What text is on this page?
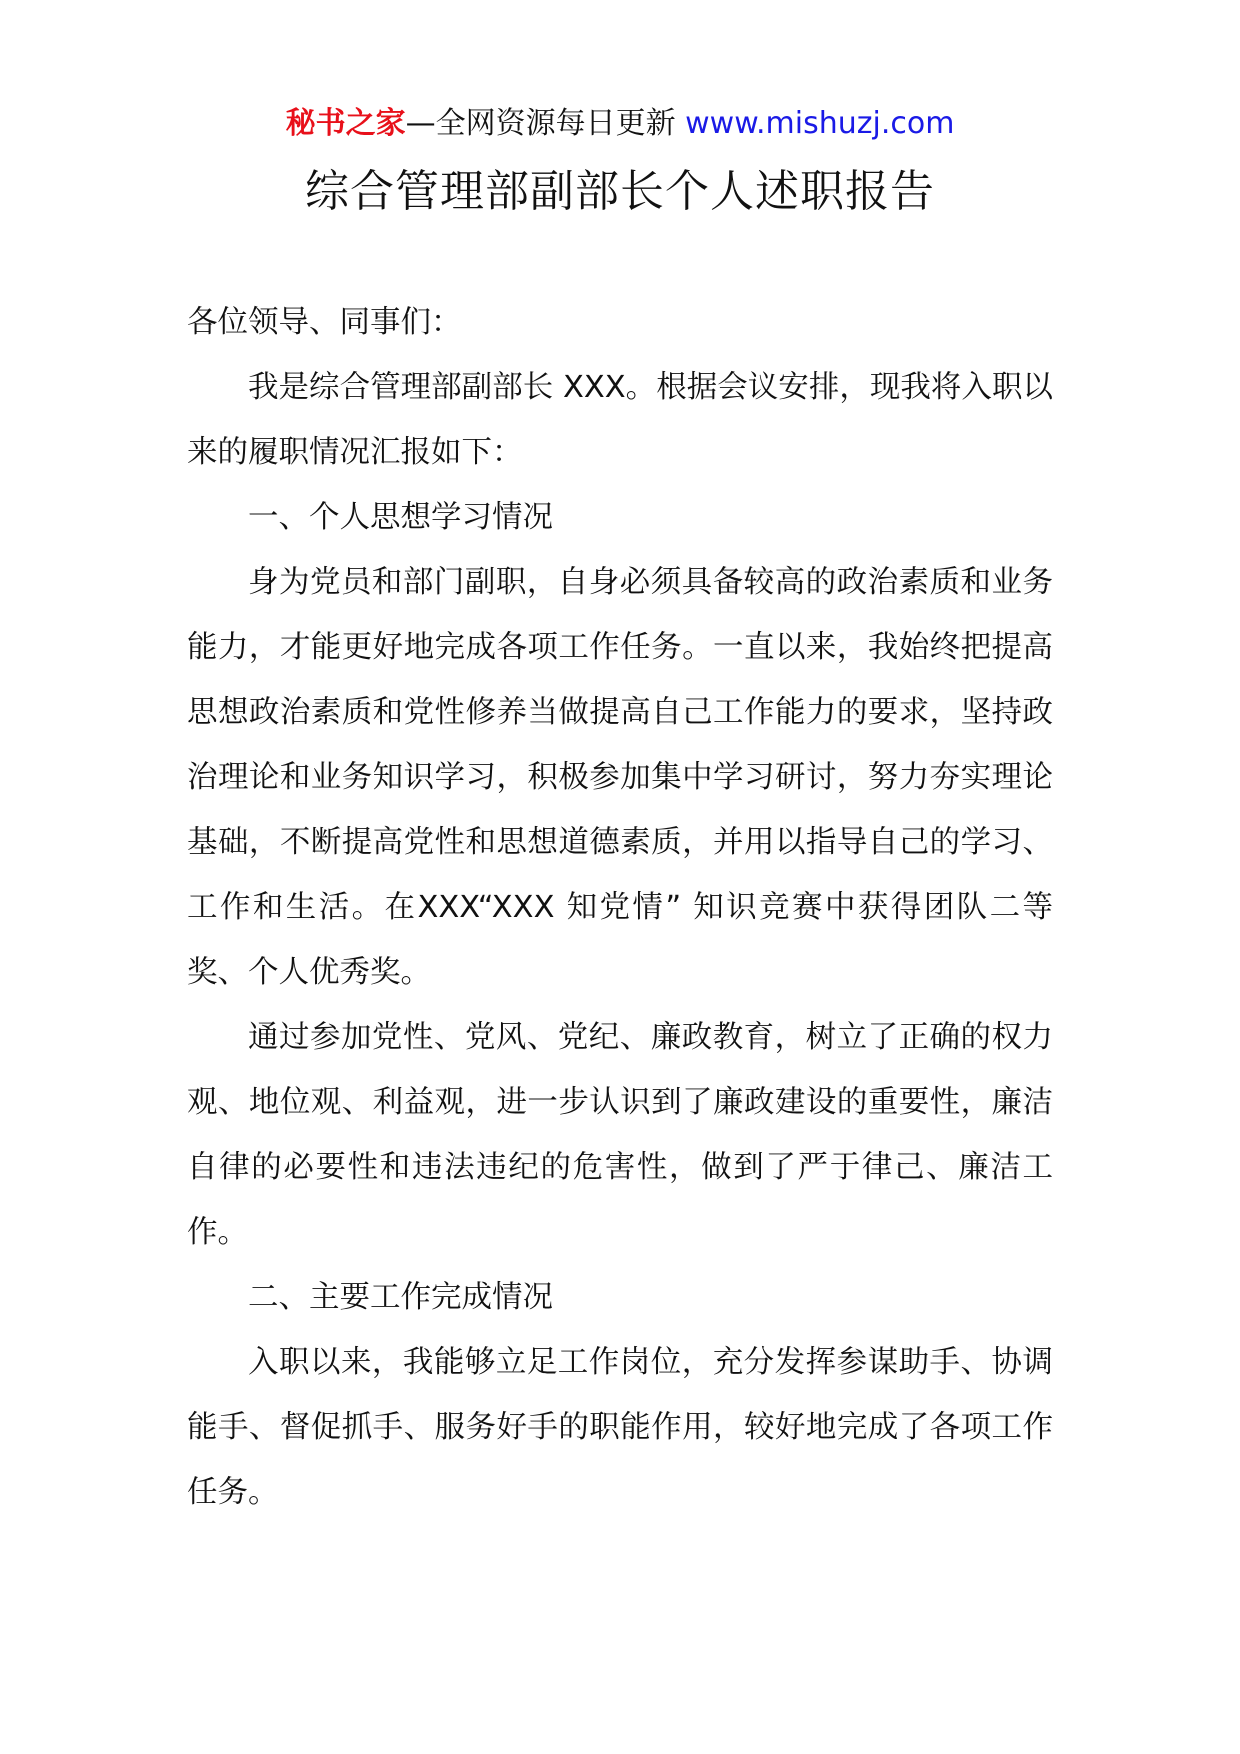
秘书之家—全网资源每日更新 www.mishuzj.com
综合管理部副部长个人述职报告

各位领导、同事们：

我是综合管理部副部长 XXX。根据会议安排，现我将入职以来的履职情况汇报如下：

一、个人思想学习情况

身为党员和部门副职，自身必须具备较高的政治素质和业务能力，才能更好地完成各项工作任务。一直以来，我始终把提高思想政治素质和党性修养当做提高自己工作能力的要求，坚持政治理论和业务知识学习，积极参加集中学习研讨，努力夯实理论基础，不断提高党性和思想道德素质，并用以指导自己的学习、工作和生活。在XXX“XXX 知党情” 知识竞赛中获得团队二等奖、个人优秀奖。

通过参加党性、党风、党纪、廉政教育，树立了正确的权力观、地位观、利益观，进一步认识到了廉政建设的重要性，廉洁自律的必要性和违法违纪的危害性，做到了严于律己、廉洁工作。

二、主要工作完成情况

入职以来，我能够立足工作岗位，充分发挥参谋助手、协调能手、督促抓手、服务好手的职能作用，较好地完成了各项工作任务。
